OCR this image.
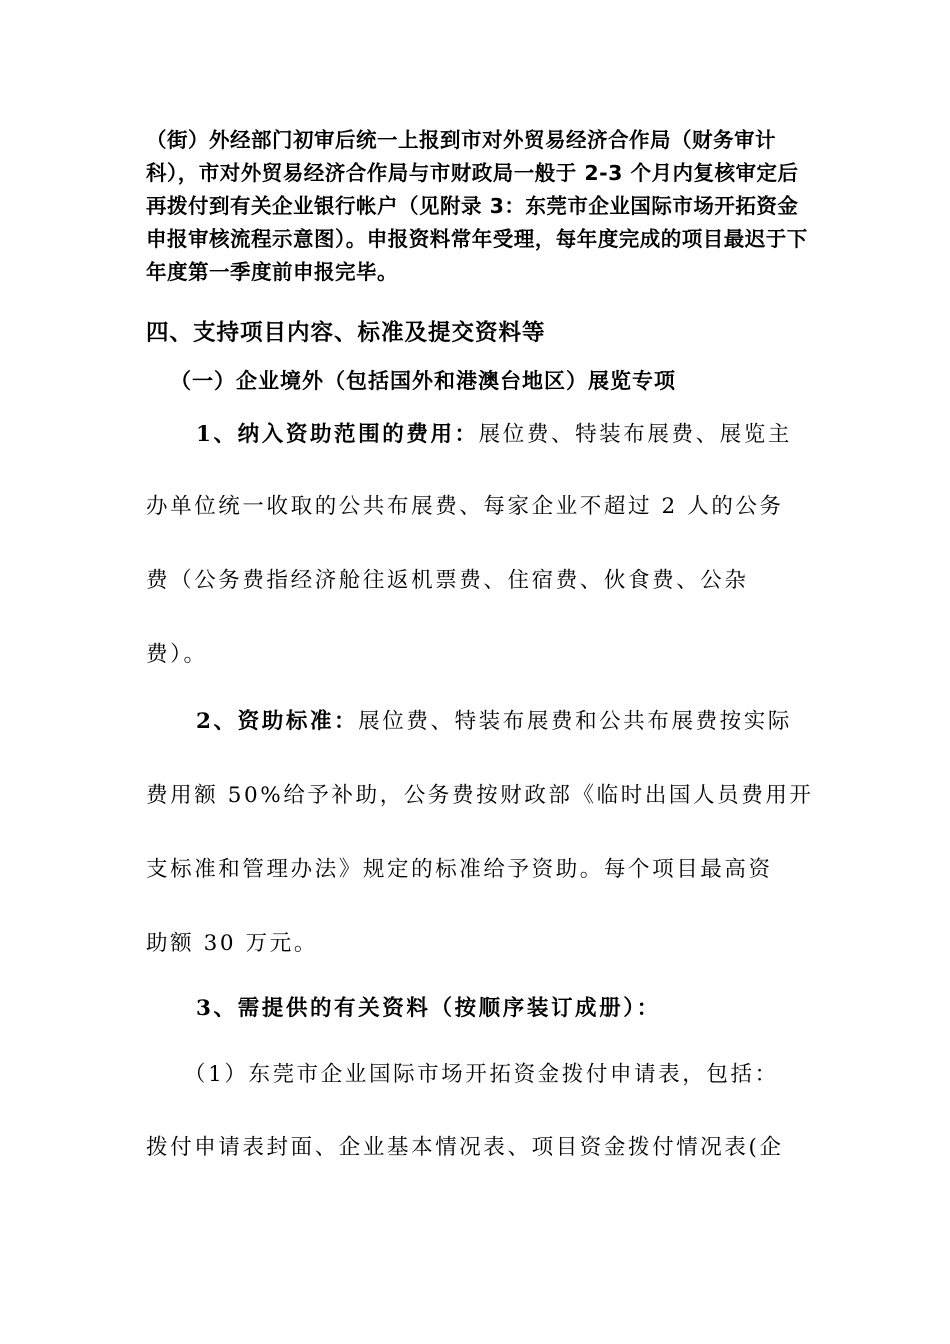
（街）外经部门初审后统一上报到市对外贸易经济合作局（财务审计科），市对外贸易经济合作局与市财政局一般于 2-3 个月内复核审定后再拨付到有关企业银行帐户（见附录 3：东莞市企业国际市场开拓资金申报审核流程示意图）。申报资料常年受理，每年度完成的项目最迟于下年度第一季度前申报完毕。

四、支持项目内容、标准及提交资料等
（一）企业境外（包括国外和港澳台地区）展览专项

1、纳入资助范围的费用：展位费、特装布展费、展览主

办单位统一收取的公共布展费、每家企业不超过 2 人的公务

费（公务费指经济舱往返机票费、住宿费、伙食费、公杂

费）。

2、资助标准：展位费、特装布展费和公共布展费按实际

费用额 50%给予补助，公务费按财政部《临时出国人员费用开

支标准和管理办法》规定的标准给予资助。每个项目最高资

助额 30 万元。

3、需提供的有关资料（按顺序装订成册）：

（1）东莞市企业国际市场开拓资金拨付申请表，包括：

拨付申请表封面、企业基本情况表、项目资金拨付情况表(企
